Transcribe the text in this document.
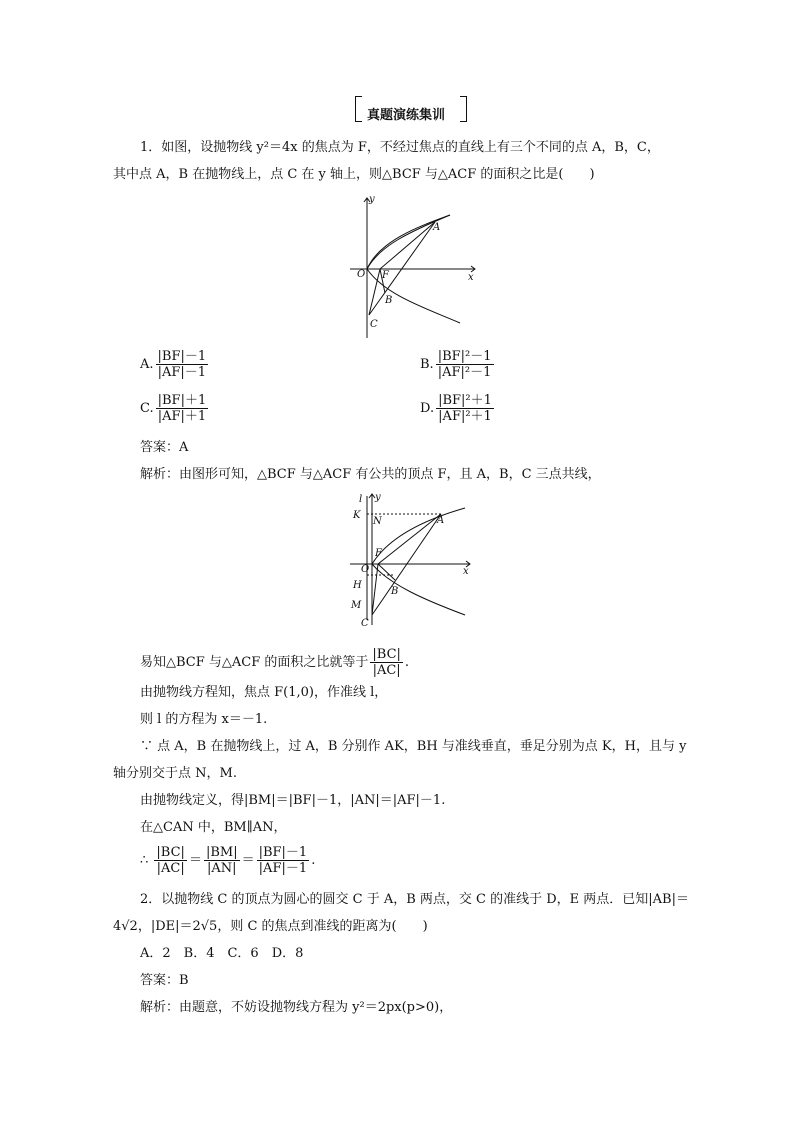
真题演练集训
1．如图，设抛物线 y²＝4x 的焦点为 F，不经过焦点的直线上有三个不同的点 A，B，C，
其中点 A，B 在抛物线上，点 C 在 y 轴上，则△BCF 与△ACF 的面积之比是(　　)
y
x
O F
A
B
C
A. $\frac{|BF|-1}{|AF|-1}$	B. $\frac{\text{|BF|²－1}}{\text{|AF|²－1}}$
C. $\frac{|BF|+1}{|AF|+1}$	D. $\frac{\text{|BF|²＋1}}{\text{|AF|²＋1}}$
答案：A
解析：由图形可知，△BCF 与△ACF 有公共的顶点 F，且 A，B，C 三点共线，
l y
x
K
N	A
F
O
H
B
M
C
易知△BCF 与△ACF 的面积之比就等于 $\frac{|BC|}{|AC|}$ .
由抛物线方程知，焦点 F(1,0)，作准线 l，
则 l 的方程为 x＝－1.
∵ 点 A，B 在抛物线上，过 A，B 分别作 AK，BH 与准线垂直，垂足分别为点 K，H，且与 y
轴分别交于点 N，M.
由抛物线定义，得|BM|＝|BF|－1，|AN|＝|AF|－1.
在△CAN 中，BM∥AN，
∴ $\frac{|BC|}{|AC|} = \frac{|BM|}{|AN|} = \frac{|BF|-1}{|AF|-1}$ .
2．以抛物线 C 的顶点为圆心的圆交 C 于 A，B 两点，交 C 的准线于 D，E 两点．已知|AB|＝
4√2，|DE|＝2√5，则 C 的焦点到准线的距离为(　　)
A．2　B．4　C．6　D．8
答案：B
解析：由题意，不妨设抛物线方程为 y²＝2px(p>0)，
